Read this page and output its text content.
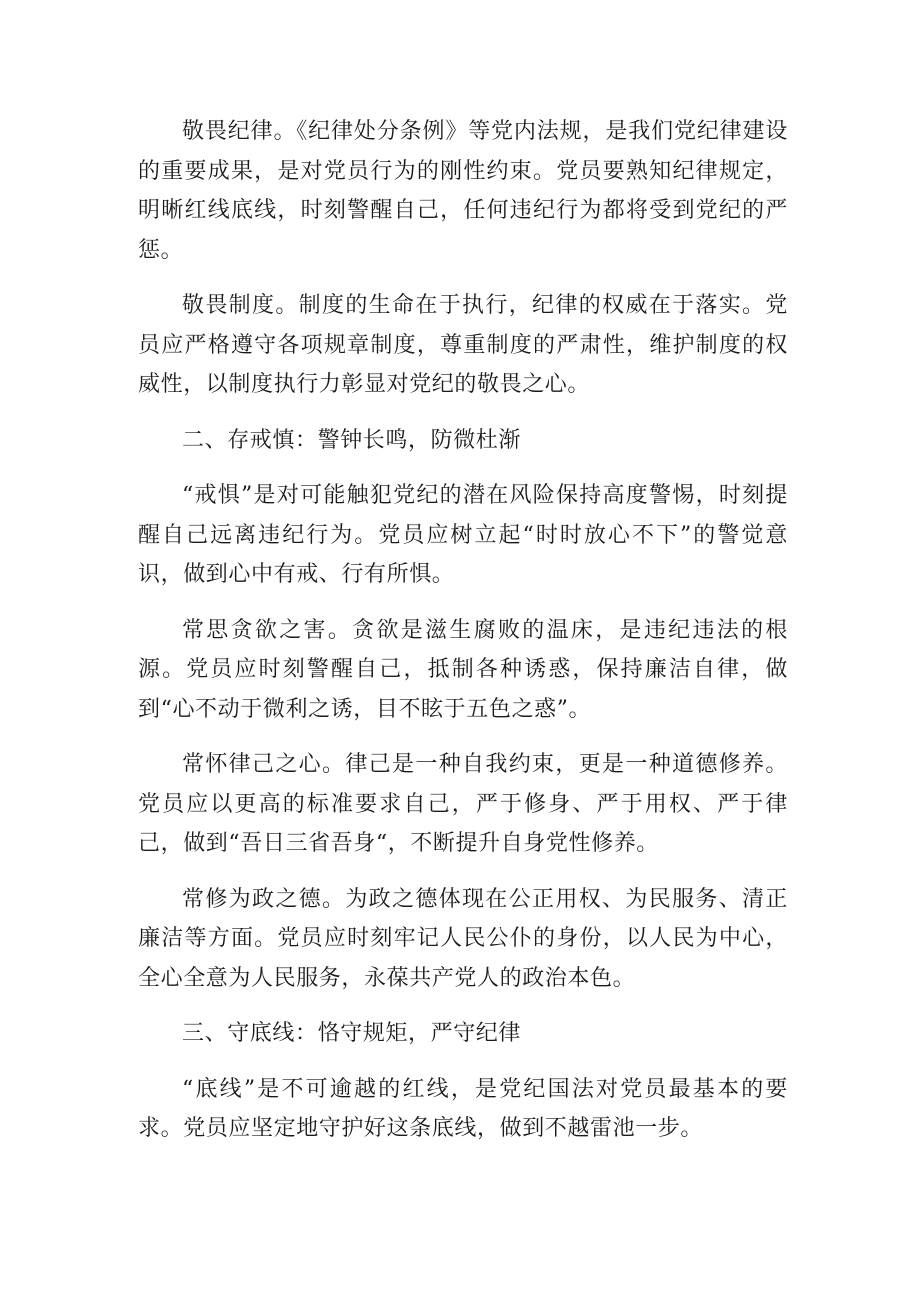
敬畏纪律。《纪律处分条例》等党内法规，是我们党纪律建设的重要成果，是对党员行为的刚性约束。党员要熟知纪律规定，明晰红线底线，时刻警醒自己，任何违纪行为都将受到党纪的严惩。

敬畏制度。制度的生命在于执行，纪律的权威在于落实。党员应严格遵守各项规章制度，尊重制度的严肃性，维护制度的权威性，以制度执行力彰显对党纪的敬畏之心。

二、存戒慎：警钟长鸣，防微杜渐

“戒惧”是对可能触犯党纪的潜在风险保持高度警惕，时刻提醒自己远离违纪行为。党员应树立起“时时放心不下”的警觉意识，做到心中有戒、行有所惧。

常思贪欲之害。贪欲是滋生腐败的温床，是违纪违法的根源。党员应时刻警醒自己，抵制各种诱惑，保持廉洁自律，做到“心不动于微利之诱，目不眩于五色之惑”。

常怀律己之心。律己是一种自我约束，更是一种道德修养。党员应以更高的标准要求自己，严于修身、严于用权、严于律己，做到“吾日三省吾身“，不断提升自身党性修养。

常修为政之德。为政之德体现在公正用权、为民服务、清正廉洁等方面。党员应时刻牢记人民公仆的身份，以人民为中心，全心全意为人民服务，永葆共产党人的政治本色。

三、守底线：恪守规矩，严守纪律

“底线”是不可逾越的红线，是党纪国法对党员最基本的要求。党员应坚定地守护好这条底线，做到不越雷池一步。
